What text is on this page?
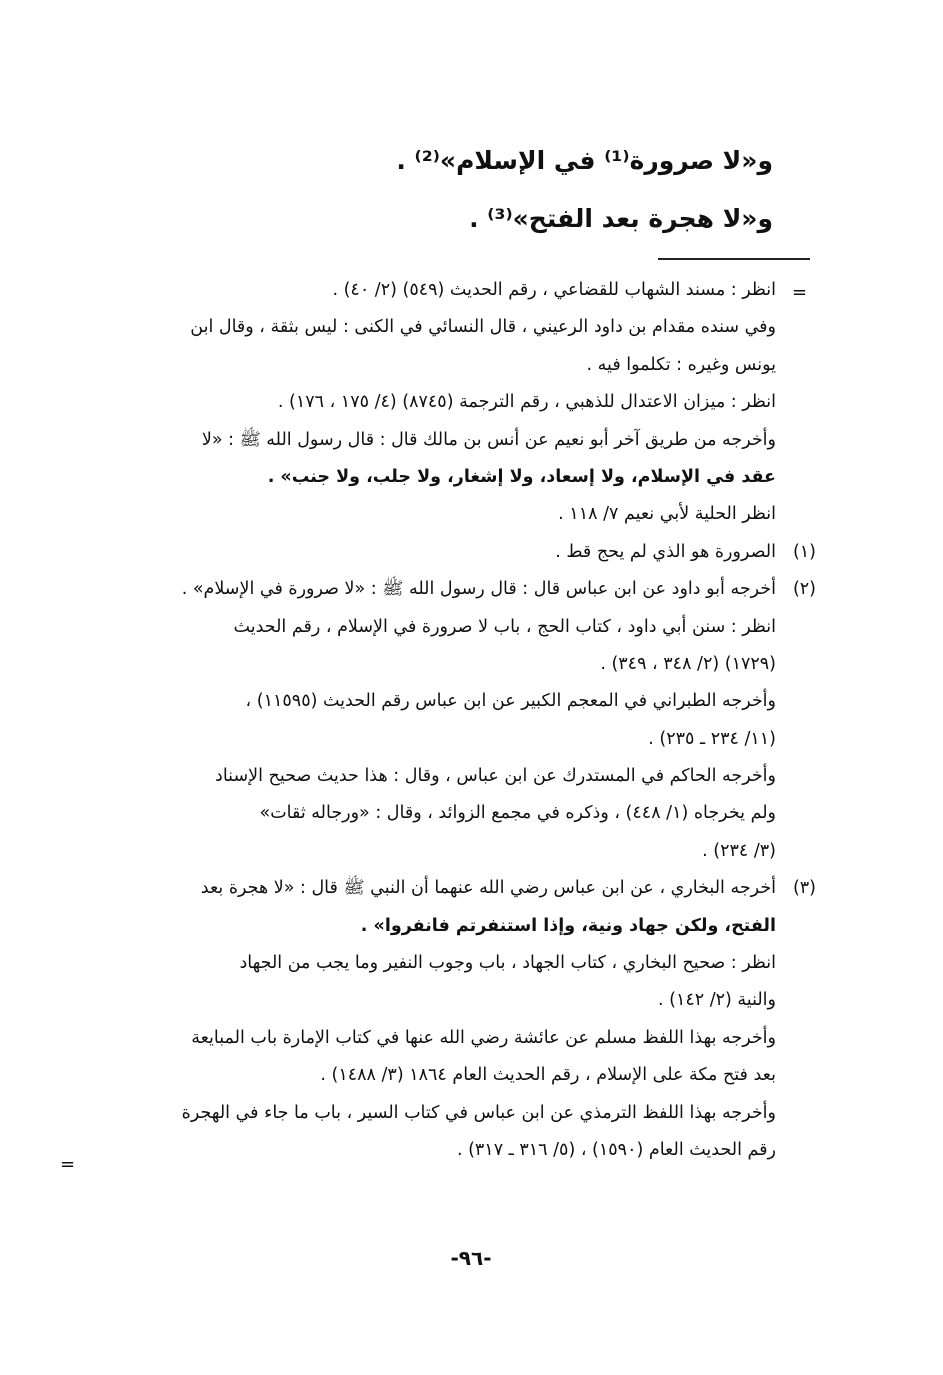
و«لا صرورة⁽¹⁾ في الإسلام»⁽²⁾ .
و«لا هجرة بعد الفتح»⁽³⁾ .
=
انظر : مسند الشهاب للقضاعي ، رقم الحديث (٥٤٩) (٢/ ٤٠) .
وفي سنده مقدام بن داود الرعيني ، قال النسائي في الكنى : ليس بثقة ، وقال ابن
يونس وغيره : تكلموا فيه .
انظر : ميزان الاعتدال للذهبي ، رقم الترجمة (٨٧٤٥) (٤/ ١٧٥ ، ١٧٦) .
وأخرجه من طريق آخر أبو نعيم عن أنس بن مالك قال : قال رسول الله ﷺ : «لا
عقد في الإسلام، ولا إسعاد، ولا إشغار، ولا جلب، ولا جنب» .
انظر الحلية لأبي نعيم ٧/ ١١٨ .
(١)الصرورة هو الذي لم يحج قط .
(٢)أخرجه أبو داود عن ابن عباس قال : قال رسول الله ﷺ : «لا صرورة في الإسلام» .
انظر : سنن أبي داود ، كتاب الحج ، باب لا صرورة في الإسلام ، رقم الحديث
(١٧٢٩) (٢/ ٣٤٨ ، ٣٤٩) .
وأخرجه الطبراني في المعجم الكبير عن ابن عباس رقم الحديث (١١٥٩٥) ،
(١١/ ٢٣٤ ـ ٢٣٥) .
وأخرجه الحاكم في المستدرك عن ابن عباس ، وقال : هذا حديث صحيح الإسناد
ولم يخرجاه (١/ ٤٤٨) ، وذكره في مجمع الزوائد ، وقال : «ورجاله ثقات»
(٣/ ٢٣٤) .
(٣)أخرجه البخاري ، عن ابن عباس رضي الله عنهما أن النبي ﷺ قال : «لا هجرة بعد
الفتح، ولكن جهاد ونية، وإذا استنفرتم فانفروا» .
انظر : صحيح البخاري ، كتاب الجهاد ، باب وجوب النفير وما يجب من الجهاد
والنية (٢/ ١٤٢) .
وأخرجه بهذا اللفظ مسلم عن عائشة رضي الله عنها في كتاب الإمارة باب المبايعة
بعد فتح مكة على الإسلام ، رقم الحديث العام ١٨٦٤ (٣/ ١٤٨٨) .
وأخرجه بهذا اللفظ الترمذي عن ابن عباس في كتاب السير ، باب ما جاء في الهجرة
رقم الحديث العام (١٥٩٠) ، (٥/ ٣١٦ ـ ٣١٧) .
=
-٩٦-
